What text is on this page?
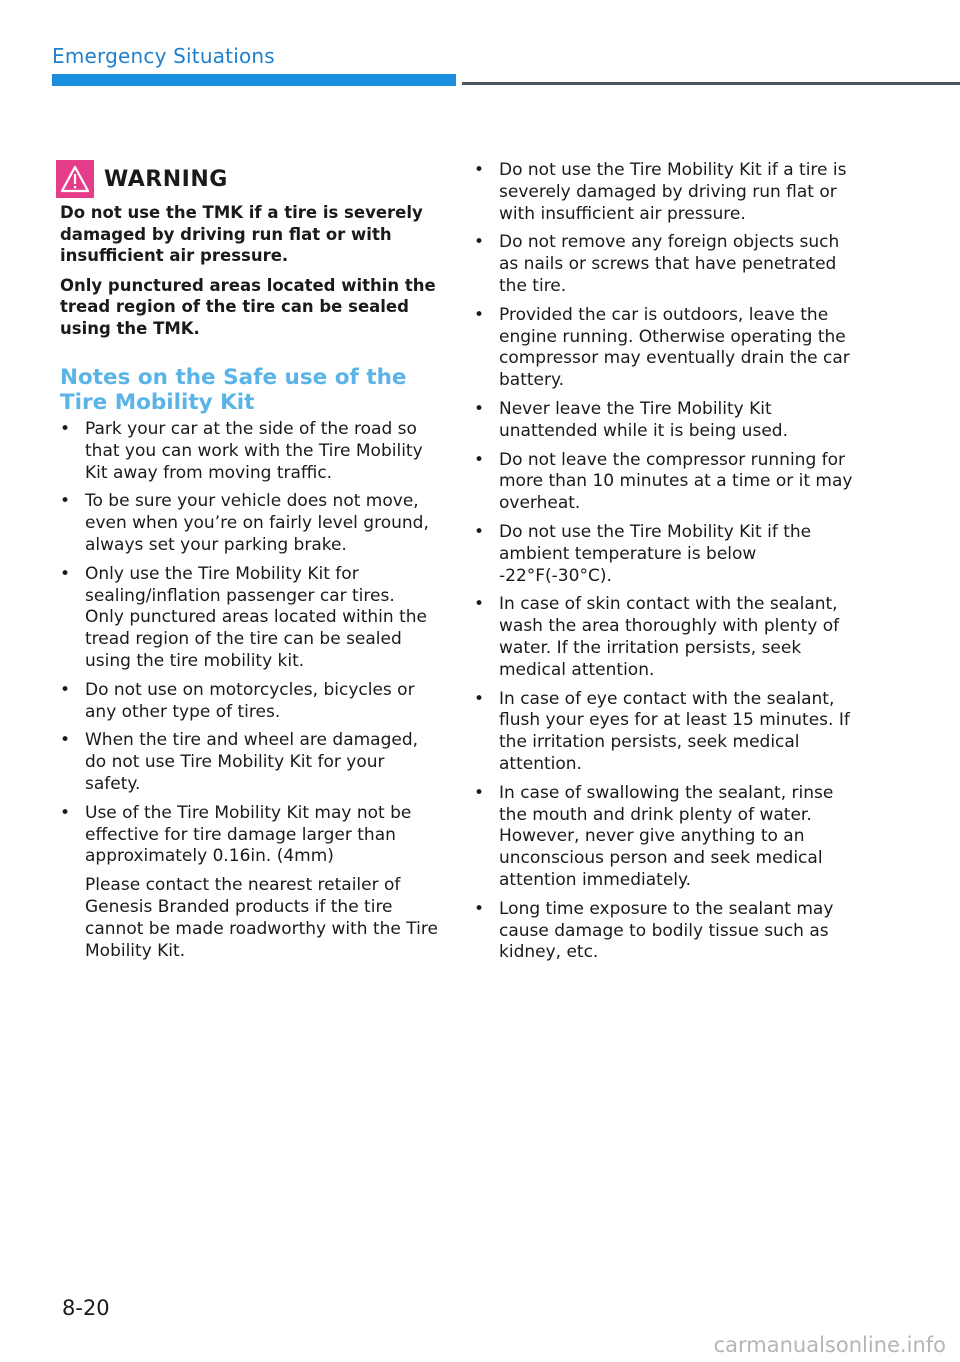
Emergency Situations
WARNING

Do not use the TMK if a tire is severely damaged by driving run flat or with insufficient air pressure.

Only punctured areas located within the tread region of the tire can be sealed using the TMK.

Notes on the Safe use of the Tire Mobility Kit
• Park your car at the side of the road so that you can work with the Tire Mobility Kit away from moving traffic.
• To be sure your vehicle does not move, even when you’re on fairly level ground, always set your parking brake.
• Only use the Tire Mobility Kit for sealing/inflation passenger car tires. Only punctured areas located within the tread region of the tire can be sealed using the tire mobility kit.
• Do not use on motorcycles, bicycles or any other type of tires.
• When the tire and wheel are damaged, do not use Tire Mobility Kit for your safety.
• Use of the Tire Mobility Kit may not be effective for tire damage larger than approximately 0.16in. (4mm)

Please contact the nearest retailer of Genesis Branded products if the tire cannot be made roadworthy with the Tire Mobility Kit.

• Do not use the Tire Mobility Kit if a tire is severely damaged by driving run flat or with insufficient air pressure.
• Do not remove any foreign objects such as nails or screws that have penetrated the tire.
• Provided the car is outdoors, leave the engine running. Otherwise operating the compressor may eventually drain the car battery.
• Never leave the Tire Mobility Kit unattended while it is being used.
• Do not leave the compressor running for more than 10 minutes at a time or it may overheat.
• Do not use the Tire Mobility Kit if the ambient temperature is below -22°F(-30°C).
• In case of skin contact with the sealant, wash the area thoroughly with plenty of water. If the irritation persists, seek medical attention.
• In case of eye contact with the sealant, flush your eyes for at least 15 minutes. If the irritation persists, seek medical attention.
• In case of swallowing the sealant, rinse the mouth and drink plenty of water. However, never give anything to an unconscious person and seek medical attention immediately.
• Long time exposure to the sealant may cause damage to bodily tissue such as kidney, etc.
8-20
carmanualsonline.info
